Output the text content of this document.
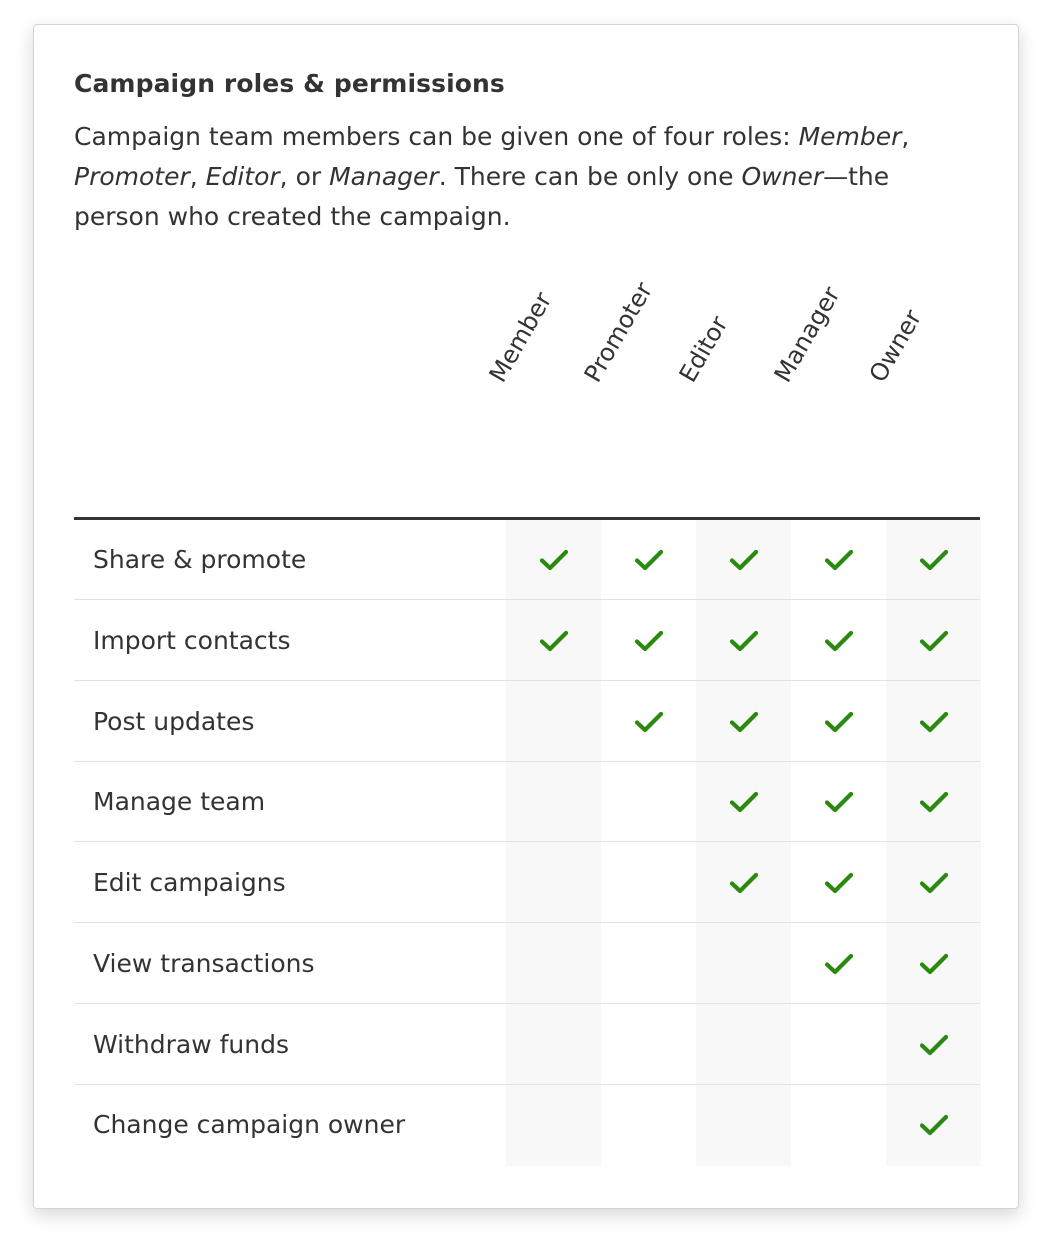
Campaign roles & permissions

Campaign team members can be given one of four roles: Member, Promoter, Editor, or Manager. There can be only one Owner—the person who created the campaign.

Member Promoter Editor Manager Owner
Share & promote
Import contacts
Post updates
Manage team
Edit campaigns
View transactions
Withdraw funds
Change campaign owner
